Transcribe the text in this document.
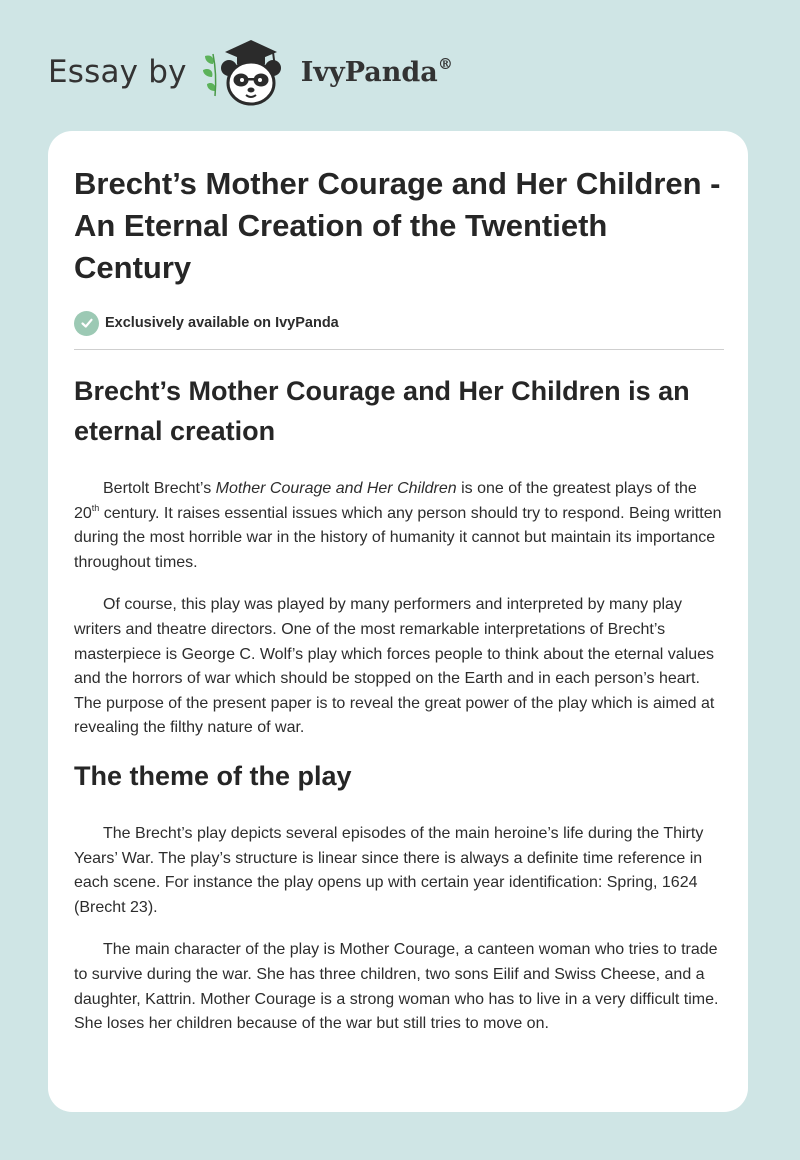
Essay by	IvyPanda®
Brecht’s Mother Courage and Her Children - An Eternal Creation of the Twentieth Century
Exclusively available on IvyPanda
Brecht’s Mother Courage and Her Children is an eternal creation

Bertolt Brecht’s Mother Courage and Her Children is one of the greatest plays of the 20th century. It raises essential issues which any person should try to respond. Being written during the most horrible war in the history of humanity it cannot but maintain its importance throughout times.

Of course, this play was played by many performers and interpreted by many play writers and theatre directors. One of the most remarkable interpretations of Brecht’s masterpiece is George C. Wolf’s play which forces people to think about the eternal values and the horrors of war which should be stopped on the Earth and in each person’s heart. The purpose of the present paper is to reveal the great power of the play which is aimed at revealing the filthy nature of war.

The theme of the play

The Brecht’s play depicts several episodes of the main heroine’s life during the Thirty Years’ War. The play’s structure is linear since there is always a definite time reference in each scene. For instance the play opens up with certain year identification: Spring, 1624 (Brecht 23).

The main character of the play is Mother Courage, a canteen woman who tries to trade to survive during the war. She has three children, two sons Eilif and Swiss Cheese, and a daughter, Kattrin. Mother Courage is a strong woman who has to live in a very difficult time. She loses her children because of the war but still tries to move on.
